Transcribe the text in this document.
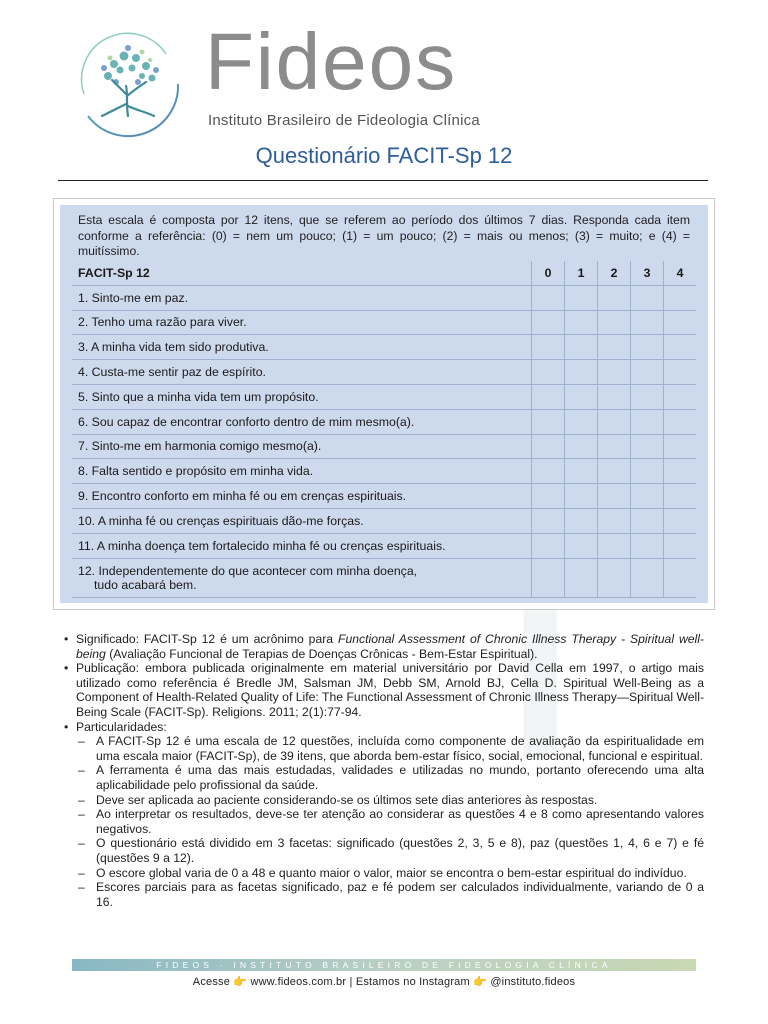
Fideos
Instituto Brasileiro de Fideologia Clínica
Questionário FACIT-Sp 12
Esta escala é composta por 12 itens, que se referem ao período dos últimos 7 dias. Responda cada item conforme a referência: (0) = nem um pouco; (1) = um pouco; (2) = mais ou menos; (3) = muito; e (4) = muitíssimo.
FACIT-Sp 12	0	1	2	3	4
1. Sinto-me em paz.					
2. Tenho uma razão para viver.					
3. A minha vida tem sido produtiva.					
4. Custa-me sentir paz de espírito.					
5. Sinto que a minha vida tem um propósito.					
6. Sou capaz de encontrar conforto dentro de mim mesmo(a).					
7. Sinto-me em harmonia comigo mesmo(a).					
8. Falta sentido e propósito em minha vida.					
9. Encontro conforto em minha fé ou em crenças espirituais.					
10. A minha fé ou crenças espirituais dão-me forças.					
11. A minha doença tem fortalecido minha fé ou crenças espirituais.					

12. Independentemente do que acontecer com minha doença,
tudo acabará bem.					

• Significado: FACIT-Sp 12 é um acrônimo para Functional Assessment of Chronic Illness Therapy - Spiritual well-being (Avaliação Funcional de Terapias de Doenças Crônicas - Bem-Estar Espiritual).
• Publicação: embora publicada originalmente em material universitário por David Cella em 1997, o artigo mais utilizado como referência é Bredle JM, Salsman JM, Debb SM, Arnold BJ, Cella D. Spiritual Well-Being as a Component of Health-Related Quality of Life: The Functional Assessment of Chronic Illness Therapy—Spiritual Well-Being Scale (FACIT-Sp). Religions. 2011; 2(1):77-94.
• Particularidades:
– A FACIT-Sp 12 é uma escala de 12 questões, incluída como componente de avaliação da espiritualidade em uma escala maior (FACIT-Sp), de 39 itens, que aborda bem-estar físico, social, emocional, funcional e espiritual.
– A ferramenta é uma das mais estudadas, validades e utilizadas no mundo, portanto oferecendo uma alta aplicabilidade pelo profissional da saúde.
– Deve ser aplicada ao paciente considerando-se os últimos sete dias anteriores às respostas.
– Ao interpretar os resultados, deve-se ter atenção ao considerar as questões 4 e 8 como apresentando valores negativos.
– O questionário está dividido em 3 facetas: significado (questões 2, 3, 5 e 8), paz (questões 1, 4, 6 e 7) e fé (questões 9 a 12).
– O escore global varia de 0 a 48 e quanto maior o valor, maior se encontra o bem-estar espiritual do indivíduo.
– Escores parciais para as facetas significado, paz e fé podem ser calculados individualmente, variando de 0 a 16.
FIDEOS · INSTITUTO BRASILEIRO DE FIDEOLOGIA CLÍNICA
Acesse 👉 www.fideos.com.br | Estamos no Instagram 👉 @instituto.fideos
